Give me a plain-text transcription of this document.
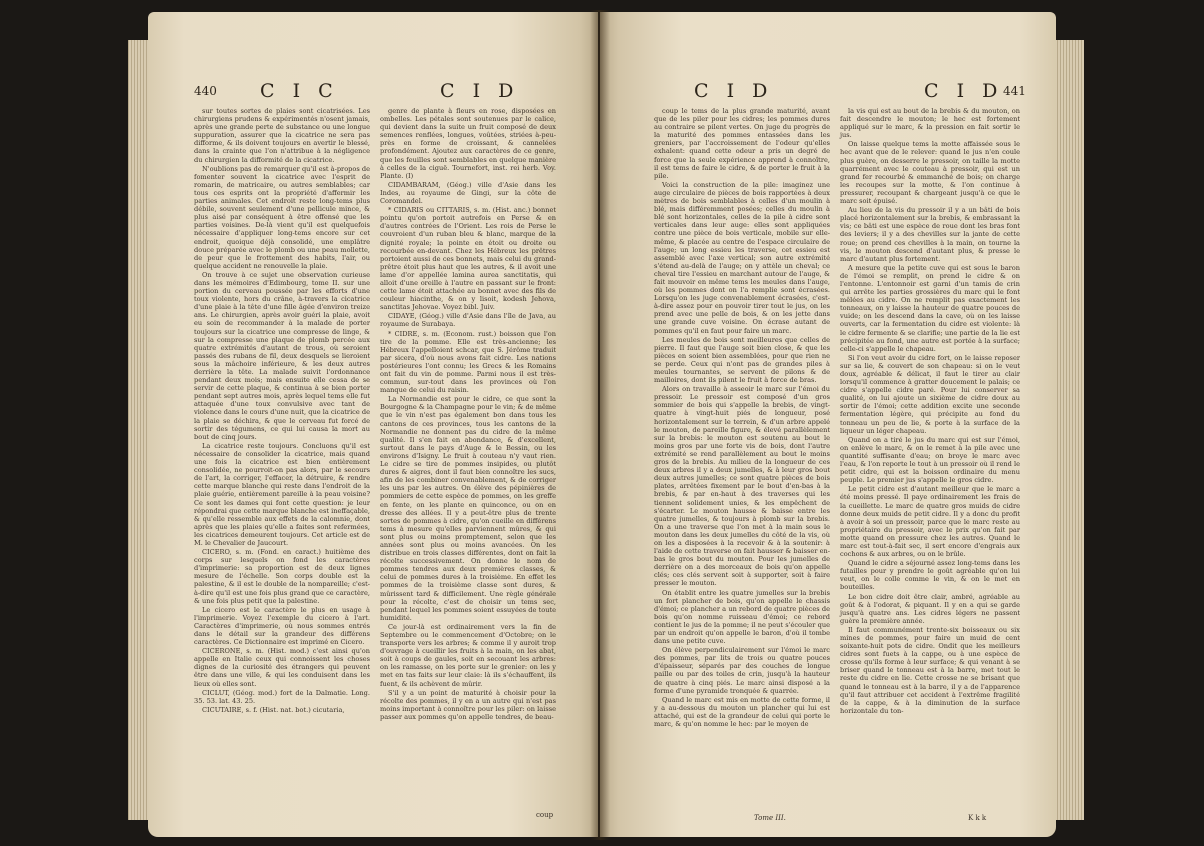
440 C I C	C I D

sur toutes sortes de plaies sont cicatrisées. Les chirurgiens prudens & expérimentés n'osent jamais, après une grande perte de substance ou une longue suppuration, assurer que la cicatrice ne sera pas difforme, & ils doivent toujours en avertir le blessé, dans la crainte que l'on n'attribue à la négligence du chirurgien la difformité de la cicatrice.

N'oublions pas de remarquer qu'il est à-propos de fomenter souvent la cicatrice avec l'esprit de romarin, de matricaire, ou autres semblables; car tous ces esprits ont la propriété d'affermir les parties animales. Cet endroit reste long-tems plus débile, souvent seulement d'une pellicule mince, & plus aisé par conséquent à être offensé que les parties voisines. De-là vient qu'il est quelquefois nécessaire d'appliquer long-tems encore sur cet endroit, quoique déjà consolidé, une emplâtre douce préparée avec le plomb ou une peau mollette, de peur que le frottement des habits, l'air, ou quelque accident ne renouvelle la plaie.

On trouve à ce sujet une observation curieuse dans les mémoires d'Edimbourg, tome II. sur une portion du cerveau poussée par les efforts d'une toux violente, hors du crâne, à-travers la cicatrice d'une plaie à la tête d'une fille âgée d'environ treize ans. Le chirurgien, après avoir guéri la plaie, avoit eu soin de recommander à la malade de porter toujours sur la cicatrice une compresse de linge, & sur la compresse une plaque de plomb percée aux quatre extrémités d'autant de trous, où seroient passés des rubans de fil, deux desquels se lieroient sous la mâchoire inférieure, & les deux autres derrière la tête. La malade suivit l'ordonnance pendant deux mois; mais ensuite elle cessa de se servir de cette plaque, & continua à se bien porter pendant sept autres mois, après lequel tems elle fut attaquée d'une toux convulsive avec tant de violence dans le cours d'une nuit, que la cicatrice de la plaie se déchira, & que le cerveau fut forcé de sortir des tégumens, ce qui lui causa la mort au bout de cinq jours.

La cicatrice reste toujours. Concluons qu'il est nécessaire de consolider la cicatrice, mais quand une fois la cicatrice est bien entièrement consolidée, ne pourroit-on pas alors, par le secours de l'art, la corriger, l'effacer, la détruire, & rendre cette marque blanche qui reste dans l'endroit de la plaie guérie, entièrement pareille à la peau voisine? Ce sont les dames qui font cette question: je leur répondrai que cette marque blanche est ineffaçable, & qu'elle ressemble aux effets de la calomnie, dont après que les plaies qu'elle a faites sont refermées, les cicatrices demeurent toujours. Cet article est de M. le Chevalier de Jaucourt.

CICERO, s. m. (Fond. en caract.) huitième des corps sur lesquels on fond les caractères d'imprimerie: sa proportion est de deux lignes mesure de l'échelle. Son corps double est la palestine, & il est le double de la nompareille; c'est-à-dire qu'il est une fois plus grand que ce caractère, & une fois plus petit que la palestine.

Le cicero est le caractère le plus en usage à l'imprimerie. Voyez l'exemple du cicero à l'art. Caractères d'imprimerie, où nous sommes entrés dans le détail sur la grandeur des différens caractères. Ce Dictionnaire est imprimé en Cicero.

CICERONE, s. m. (Hist. mod.) c'est ainsi qu'on appelle en Italie ceux qui connoissent les choses dignes de la curiosité des étrangers qui peuvent être dans une ville, & qui les conduisent dans les lieux où elles sont.

CICLUT, (Géog. mod.) fort de la Dalmatie. Long. 35. 53. lat. 43. 25.

CICUTAIRE, s. f. (Hist. nat. bot.) cicutaria,

genre de plante à fleurs en rose, disposées en ombelles. Les pétales sont soutenues par le calice, qui devient dans la suite un fruit composé de deux semences renflées, longues, voûtées, striées à-peu-près en forme de croissant, & cannelées profondément. Ajoutez aux caractères de ce genre, que les feuilles sont semblables en quelque manière à celles de la ciguë. Tournefort, inst. rei herb. Voy. Plante. (I)

CIDAMBARAM, (Géog.) ville d'Asie dans les Indes, au royaume de Gingi, sur la côte de Coromandel.

* CIDARIS ou CITTARIS, s. m. (Hist. anc.) bonnet pointu qu'on portoit autrefois en Perse & en d'autres contrées de l'Orient. Les rois de Perse le couvroient d'un ruban bleu & blanc, marque de la dignité royale; la pointe en étoit ou droite ou recourbée en-devant. Chez les Hébreux les prêtres portoient aussi de ces bonnets, mais celui du grand-prêtre étoit plus haut que les autres, & il avoit une lame d'or appellée lamina aurea sanctitatis, qui alloit d'une oreille à l'autre en passant sur le front: cette lame étoit attachée au bonnet avec des fils de couleur hiacinthe, & on y lisoit, kodesh Jehova, sanctitas Jehovae. Voyez bibl. Juiv.

CIDAYE, (Géog.) ville d'Asie dans l'île de Java, au royaume de Surabaya.

* CIDRE, s. m. (Econom. rust.) boisson que l'on tire de la pomme. Elle est très-ancienne; les Hébreux l'appelloient schcar, que S. Jérôme traduit par sicera, d'où nous avons fait cidre. Les nations postérieures l'ont connu; les Grecs & les Romains ont fait du vin de pomme. Parmi nous il est très-commun, sur-tout dans les provinces où l'on manque de celui du raisin.

La Normandie est pour le cidre, ce que sont la Bourgogne & la Champagne pour le vin; & de même que le vin n'est pas également bon dans tous les cantons de ces provinces, tous les cantons de la Normandie ne donnent pas du cidre de la même qualité. Il s'en fait en abondance, & d'excellent, surtout dans le pays d'Auge & le Bessin, ou les environs d'Isigny. Le fruit à couteau n'y vaut rien. Le cidre se tire de pommes insipides, ou plutôt dures & aigres, dont il faut bien connoître les sucs, afin de les combiner convenablement, & de corriger les uns par les autres. On élève des pépinières de pommiers de cette espèce de pommes, on les greffe en fente, on les plante en quinconce, ou on en dresse des allées. Il y a peut-être plus de trente sortes de pommes à cidre, qu'on cueille en différens tems à mesure qu'elles parviennent mûres, & qui sont plus ou moins promptement, selon que les années sont plus ou moins avancées. On les distribue en trois classes différentes, dont on fait la récolte successivement. On donne le nom de pommes tendres aux deux premières classes, & celui de pommes dures à la troisième. En effet les pommes de la troisième classe sont dures, & mûrissent tard & difficilement. Une règle générale pour la récolte, c'est de choisir un tems sec, pendant lequel les pommes soient essuyées de toute humidité.

Ce jour-là est ordinairement vers la fin de Septembre ou le commencement d'Octobre; on le transporte vers les arbres; & comme il y auroit trop d'ouvrage à cueillir les fruits à la main, on les abat, soit à coups de gaules, soit en secouant les arbres: on les ramasse, on les porte sur le grenier: on les y met en tas faits sur leur claie: là ils s'échauffent, ils fuent, & ils achèvent de mûrir.

S'il y a un point de maturité à choisir pour la récolte des pommes, il y en a un autre qui n'est pas moins important à connoître pour les piler: on laisse passer aux pommes qu'on appelle tendres, de beau-

coup
C I D	C I D 441

coup le tems de la plus grande maturité, avant que de les piler pour les cidres; les pommes dures au contraire se pilent vertes. On juge du progrès de la maturité des pommes entassées dans les greniers, par l'accroissement de l'odeur qu'elles exhalent: quand cette odeur a pris un degré de force que la seule expérience apprend à connoître, il est tems de faire le cidre, & de porter le fruit à la pile.

Voici la construction de la pile: imaginez une auge circulaire de pièces de bois rapportées à deux mètres de bois semblables à celles d'un moulin à blé, mais différemment posées; celles du moulin à blé sont horizontales, celles de la pile à cidre sont verticales dans leur auge: elles sont appliquées contre une pièce de bois verticale, mobile sur elle-même, & placée au centre de l'espace circulaire de l'auge; un long essieu les traverse, cet essieu est assemblé avec l'axe vertical; son autre extrémité s'étend au-delà de l'auge; on y attèle un cheval; ce cheval tire l'essieu en marchant autour de l'auge, & fait mouvoir en même tems les meules dans l'auge, où les pommes dont on l'a remplie sont écrasées. Lorsqu'on les juge convenablement écrasées, c'est-à-dire assez pour en pouvoir tirer tout le jus, on les prend avec une pelle de bois, & on les jette dans une grande cuve voisine. On écrase autant de pommes qu'il en faut pour faire un marc.

Les meules de bois sont meilleures que celles de pierre. Il faut que l'auge soit bien close, & que les pièces en soient bien assemblées, pour que rien ne se perde. Ceux qui n'ont pas de grandes piles à meules tournantes, se servent de pilons & de mailloires, dont ils pilent le fruit à force de bras.

Alors on travaille à asseoir le marc sur l'émoi du pressoir. Le pressoir est composé d'un gros sommier de bois qui s'appelle la brebis, de vingt-quatre à vingt-huit piés de longueur, posé horizontalement sur le terrein, & d'un arbre appelé le mouton, de pareille figure, & élevé parallèlement sur la brebis: le mouton est soutenu au bout le moins gros par une forte vis de bois, dont l'autre extrémité se rend parallèlement au bout le moins gros de la brebis. Au milieu de la longueur de ces deux arbres il y a deux jumelles, & à leur gros bout deux autres jumelles; ce sont quatre pièces de bois plates, arrêtées fixement par le bout d'en-bas à la brebis, & par en-haut à des traverses qui les tiennent solidement unies, & les empêchent de s'écarter. Le mouton hausse & baisse entre les quatre jumelles, & toujours à plomb sur la brebis. On a une traverse que l'on met à la main sous le mouton dans les deux jumelles du côté de la vis, où on les a disposées à la recevoir & à la soutenir: à l'aide de cette traverse on fait hausser & baisser en-bas le gros bout du mouton. Pour les jumelles de derrière on a des morceaux de bois qu'on appelle clés; ces clés servent soit à supporter, soit à faire presser le mouton.

On établit entre les quatre jumelles sur la brebis un fort plancher de bois, qu'on appelle le chassis d'émoi; ce plancher a un rebord de quatre pièces de bois qu'on nomme ruisseau d'émoi; ce rebord contient le jus de la pomme; il ne peut s'écouler que par un endroit qu'on appelle le baron, d'où il tombe dans une petite cuve.

On élève perpendiculairement sur l'émoi le marc des pommes, par lits de trois ou quatre pouces d'épaisseur, séparés par des couches de longue paille ou par des toiles de crin, jusqu'à la hauteur de quatre à cinq piés. Le marc ainsi disposé a la forme d'une pyramide tronquée & quarrée.

Quand le marc est mis en motte de cette forme, il y a au-dessous du mouton un plancher qui lui est attaché, qui est de la grandeur de celui qui porte le marc, & qu'on nomme le hec: par le moyen de

la vis qui est au bout de la brebis & du mouton, on fait descendre le mouton; le hec est fortement appliqué sur le marc, & la pression en fait sortir le jus.

On laisse quelque tems la motte affaissée sous le hec avant que de le relever: quand le jus n'en coule plus guère, on desserre le pressoir, on taille la motte quarrément avec le couteau à pressoir, qui est un grand fer recourbé & emmanché de bois; on charge les recoupes sur la motte, & l'on continue à pressurer, recoupant & chargeant jusqu'à ce que le marc soit épuisé.

Au lieu de la vis du pressoir il y a un bâti de bois placé horizontalement sur la brebis, & embrassant la vis; ce bâti est une espèce de roue dont les bras font des leviers; il y a des chevilles sur la jante de cette roue; on prend ces chevilles à la main, on tourne la vis, le mouton descend d'autant plus, & presse le marc d'autant plus fortement.

A mesure que la petite cuve qui est sous le baron de l'émoi se remplit, on prend le cidre & on l'entonne. L'entonnoir est garni d'un tamis de crin qui arrête les parties grossières du marc qui le font mêlées au cidre. On ne remplit pas exactement les tonneaux, on y laisse la hauteur de quatre pouces de vuide; on les descend dans la cave, où on les laisse ouverts, car la fermentation du cidre est violente: là le cidre fermente & se clarifie; une partie de la lie est précipitée au fond, une autre est portée à la surface; celle-ci s'appelle le chapeau.

Si l'on veut avoir du cidre fort, on le laisse reposer sur sa lie, & couvert de son chapeau: si on le veut doux, agréable & délicat, il faut le tirer au clair lorsqu'il commence à gratter doucement le palais; ce cidre s'appelle cidre paré. Pour lui conserver sa qualité, on lui ajoute un sixième de cidre doux au sortir de l'émoi; cette addition excite une seconde fermentation légère, qui précipite au fond du tonneau un peu de lie, & porte à la surface de la liqueur un léger chapeau.

Quand on a tiré le jus du marc qui est sur l'émoi, on enlève le marc, & on le remet à la pile avec une quantité suffisante d'eau; on broye le marc avec l'eau, & l'on reporte le tout à un pressoir où il rend le petit cidre, qui est la boisson ordinaire du menu peuple. Le premier jus s'appelle le gros cidre.

Le petit cidre est d'autant meilleur que le marc a été moins pressé. Il paye ordinairement les frais de la cueillette. Le marc de quatre gros muids de cidre donne deux muids de petit cidre. Il y a donc du profit à avoir à soi un pressoir, parce que le marc reste au propriétaire du pressoir, avec le prix qu'on fait par motte quand on pressure chez les autres. Quand le marc est tout-à-fait sec, il sert encore d'engrais aux cochons & aux arbres, ou on le brûle.

Quand le cidre a séjourné assez long-tems dans les futailles pour y prendre le goût agréable qu'on lui veut, on le colle comme le vin, & on le met en bouteilles.

Le bon cidre doit être clair, ambré, agréable au goût & à l'odorat, & piquant. Il y en a qui se garde jusqu'à quatre ans. Les cidres légers ne passent guère la première année.

Il faut communément trente-six boisseaux ou six mines de pommes, pour faire un muid de cent soixante-huit pots de cidre. Ondit que les meilleurs cidres sont fuets à la cappe, ou à une espèce de crosse qu'ils forme à leur surface; & qui venant à se briser quand le tonneau est à la barre, met tout le reste du cidre en lie. Cette crosse ne se brisant que quand le tonneau est à la barre, il y a de l'apparence qu'il faut attribuer cet accident à l'extrême fragilité de la cappe, & à la diminution de la surface horizontale du ton-

Tome III.	K k k
